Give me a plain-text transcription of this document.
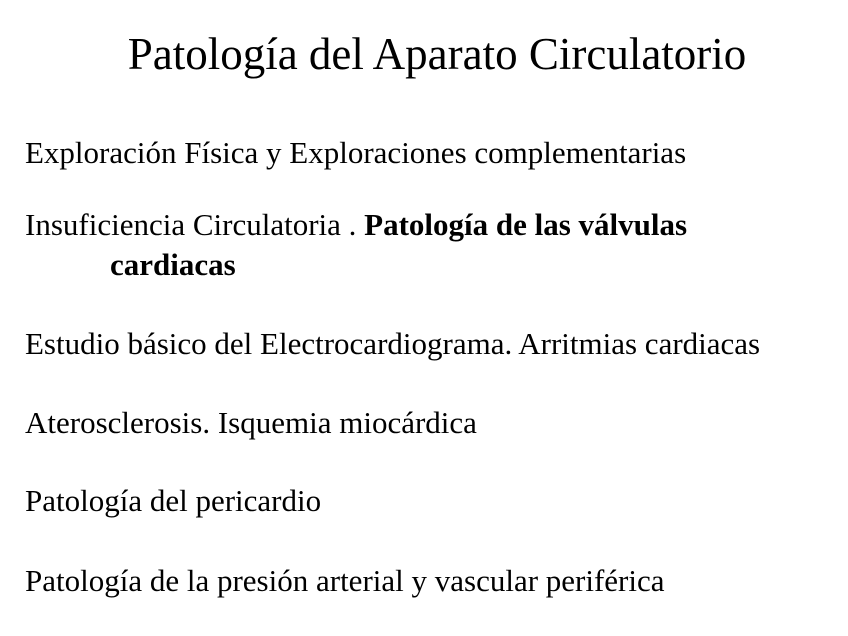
Patología del Aparato Circulatorio
Exploración Física y Exploraciones complementarias
Insuficiencia Circulatoria . Patología de las válvulas
cardiacas
Estudio básico del Electrocardiograma. Arritmias cardiacas
Aterosclerosis. Isquemia miocárdica
Patología del pericardio
Patología de la presión arterial y vascular periférica
